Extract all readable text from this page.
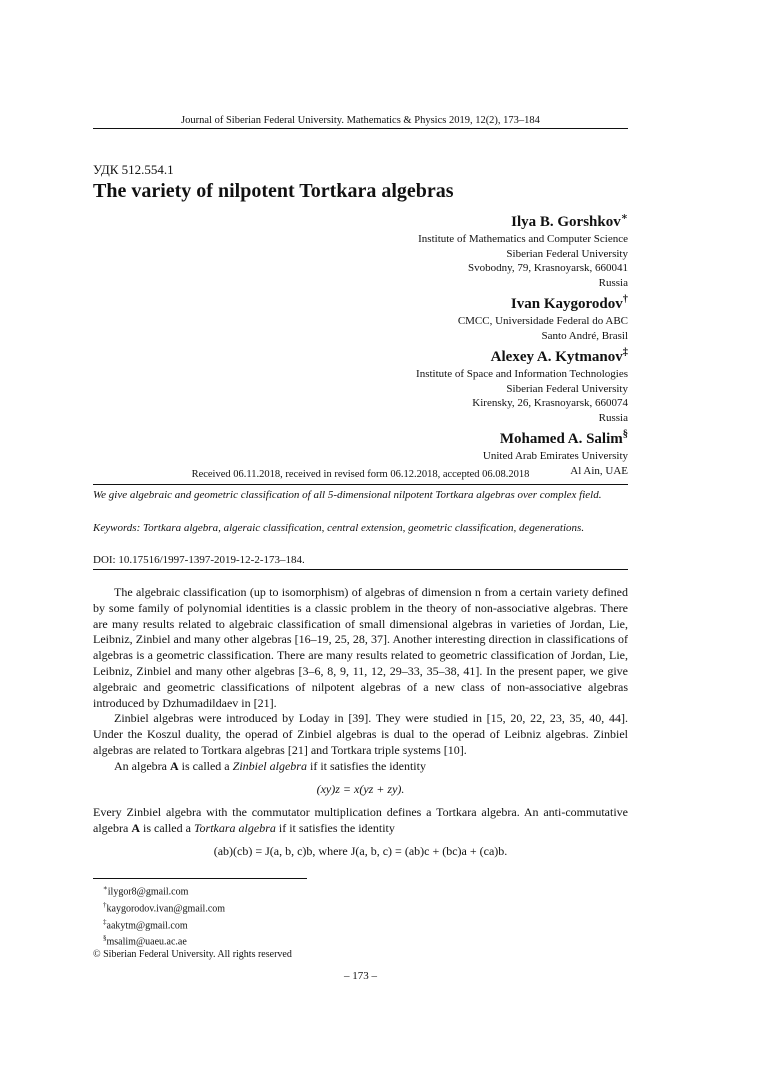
Journal of Siberian Federal University. Mathematics & Physics 2019, 12(2), 173–184
УДК 512.554.1
The variety of nilpotent Tortkara algebras
Ilya B. Gorshkov∗
Institute of Mathematics and Computer Science
Siberian Federal University
Svobodny, 79, Krasnoyarsk, 660041
Russia
Ivan Kaygorodov†
CMCC, Universidade Federal do ABC
Santo André, Brasil
Alexey A. Kytmanov‡
Institute of Space and Information Technologies
Siberian Federal University
Kirensky, 26, Krasnoyarsk, 660074
Russia
Mohamed A. Salim§
United Arab Emirates University
Al Ain, UAE
Received 06.11.2018, received in revised form 06.12.2018, accepted 06.08.2018
We give algebraic and geometric classification of all 5-dimensional nilpotent Tortkara algebras over complex field.
Keywords: Tortkara algebra, algeraic classification, central extension, geometric classification, degenerations.
DOI: 10.17516/1997-1397-2019-12-2-173–184.

The algebraic classification (up to isomorphism) of algebras of dimension n from a certain variety defined by some family of polynomial identities is a classic problem in the theory of non-associative algebras. There are many results related to algebraic classification of small dimensional algebras in varieties of Jordan, Lie, Leibniz, Zinbiel and many other algebras [16–19, 25, 28, 37]. Another interesting direction in classifications of algebras is a geometric classification. There are many results related to geometric classification of Jordan, Lie, Leibniz, Zinbiel and many other algebras [3–6, 8, 9, 11, 12, 29–33, 35–38, 41]. In the present paper, we give algebraic and geometric classifications of nilpotent algebras of a new class of non-associative algebras introduced by Dzhumadildaev in [21].

Zinbiel algebras were introduced by Loday in [39]. They were studied in [15, 20, 22, 23, 35, 40, 44]. Under the Koszul duality, the operad of Zinbiel algebras is dual to the operad of Leibniz algebras. Zinbiel algebras are related to Tortkara algebras [21] and Tortkara triple systems [10].

An algebra A is called a Zinbiel algebra if it satisfies the identity

(xy)z = x(yz + zy).

Every Zinbiel algebra with the commutator multiplication defines a Tortkara algebra. An anti-commutative algebra A is called a Tortkara algebra if it satisfies the identity

(ab)(cb) = J(a, b, c)b, where J(a, b, c) = (ab)c + (bc)a + (ca)b.
∗ilygor8@gmail.com
†kaygorodov.ivan@gmail.com
‡aakytm@gmail.com
§msalim@uaeu.ac.ae
© Siberian Federal University. All rights reserved
– 173 –
